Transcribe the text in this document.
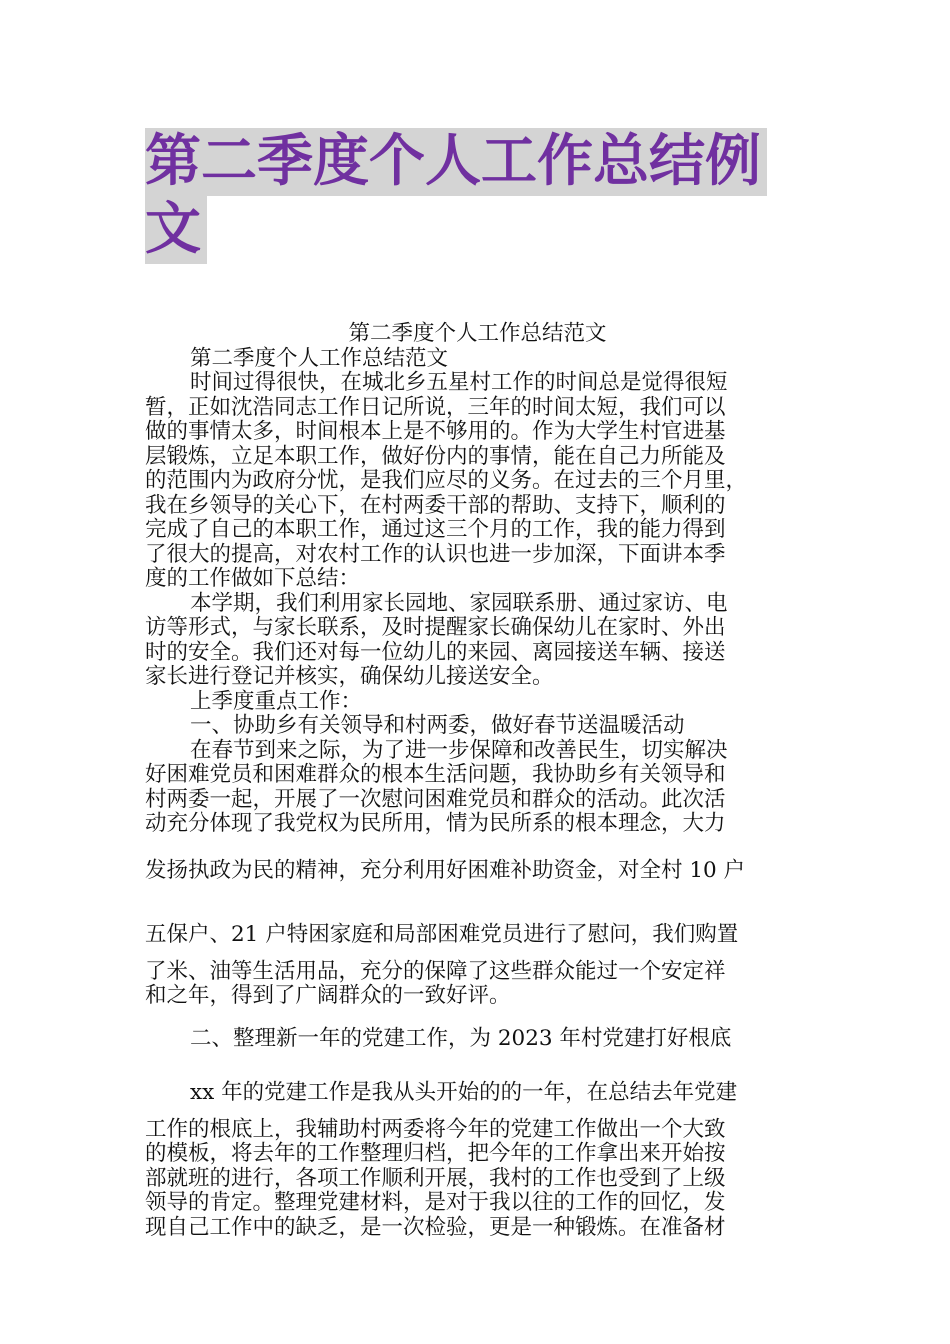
第二季度个人工作总结例
文
第二季度个人工作总结范文
第二季度个人工作总结范文
时间过得很快，在城北乡五星村工作的时间总是觉得很短
暂，正如沈浩同志工作日记所说，三年的时间太短，我们可以
做的事情太多，时间根本上是不够用的。作为大学生村官进基
层锻炼，立足本职工作，做好份内的事情，能在自己力所能及
的范围内为政府分忧，是我们应尽的义务。在过去的三个月里，
我在乡领导的关心下，在村两委干部的帮助、支持下，顺利的
完成了自己的本职工作，通过这三个月的工作，我的能力得到
了很大的提高，对农村工作的认识也进一步加深，下面讲本季
度的工作做如下总结：
本学期，我们利用家长园地、家园联系册、通过家访、电
访等形式，与家长联系，及时提醒家长确保幼儿在家时、外出
时的安全。我们还对每一位幼儿的来园、离园接送车辆、接送
家长进行登记并核实，确保幼儿接送安全。
上季度重点工作：
一、协助乡有关领导和村两委，做好春节送温暖活动
在春节到来之际，为了进一步保障和改善民生，切实解决
好困难党员和困难群众的根本生活问题，我协助乡有关领导和
村两委一起，开展了一次慰问困难党员和群众的活动。此次活
动充分体现了我党权为民所用，情为民所系的根本理念，大力
发扬执政为民的精神，充分利用好困难补助资金，对全村 10 户
五保户、21 户特困家庭和局部困难党员进行了慰问，我们购置
了米、油等生活用品，充分的保障了这些群众能过一个安定祥
和之年，得到了广阔群众的一致好评。
二、整理新一年的党建工作，为 2023 年村党建打好根底
xx 年的党建工作是我从头开始的的一年，在总结去年党建
工作的根底上，我辅助村两委将今年的党建工作做出一个大致
的模板，将去年的工作整理归档，把今年的工作拿出来开始按
部就班的进行，各项工作顺利开展，我村的工作也受到了上级
领导的肯定。整理党建材料，是对于我以往的工作的回忆，发
现自己工作中的缺乏，是一次检验，更是一种锻炼。在准备材
